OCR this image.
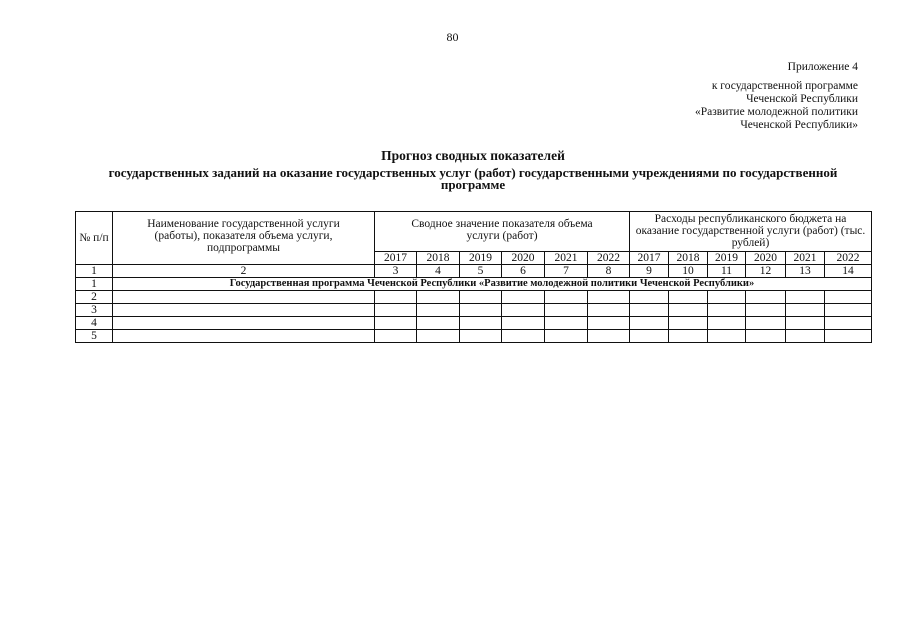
80
Приложение 4
к государственной программе
Чеченской Республики
«Развитие молодежной политики
Чеченской Республики»
Прогноз сводных показателей
государственных заданий на оказание государственных услуг (работ) государственными учреждениями по государственной программе
№ п/п	Наименование государственной услуги (работы), показателя объема услуги, подпрограммы	Сводное значение показателя объема услуги (работ)						Расходы республиканского бюджета на оказание государственной услуги (работ) (тыс. рублей)					
		2017	2018	2019	2020	2021	2022	2017	2018	2019	2020	2021	2022
1	2	3	4	5	6	7	8	9	10	11	12	13	14
1	Государственная программа Чеченской Республики «Развитие молодежной политики Чеченской Республики»												
2													
3													
4													
5													
